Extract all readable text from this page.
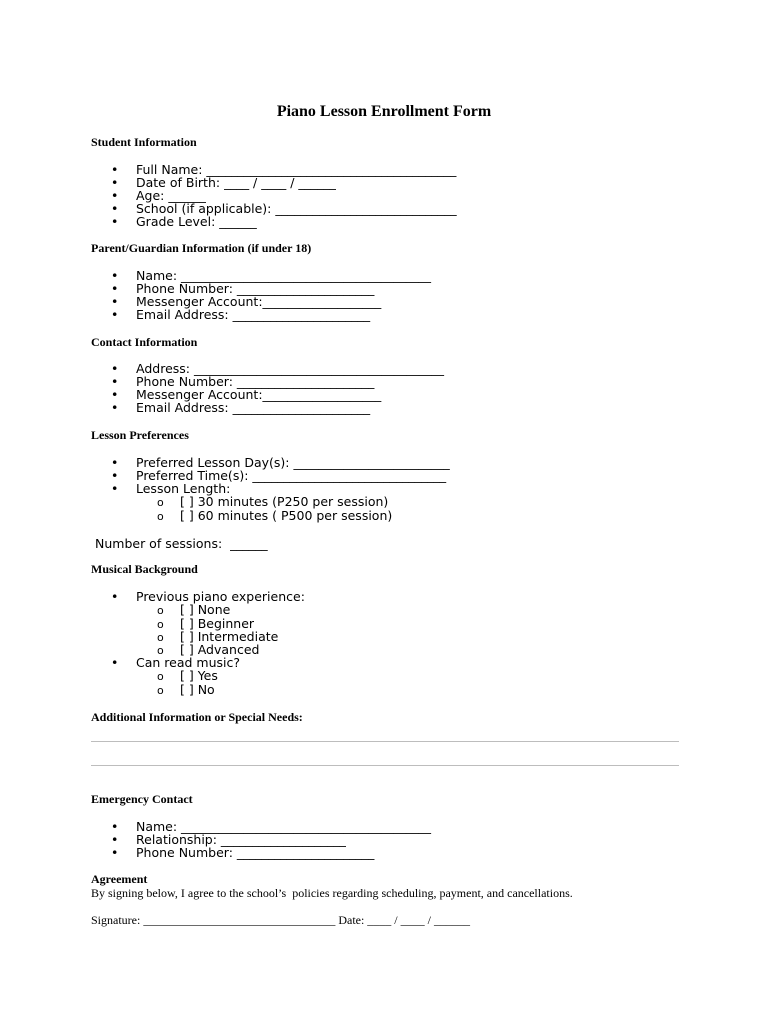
Piano Lesson Enrollment Form
Student Information
• Full Name: ________________________________________
• Date of Birth: ____ / ____ / ______
• Age: ______
• School (if applicable): _____________________________
• Grade Level: ______
Parent/Guardian Information (if under 18)
• Name: ________________________________________
• Phone Number: ______________________
• Messenger Account:___________________
• Email Address: ______________________
Contact Information
• Address: ________________________________________
• Phone Number: ______________________
• Messenger Account:___________________
• Email Address: ______________________
Lesson Preferences
• Preferred Lesson Day(s): _________________________
• Preferred Time(s): _______________________________
• Lesson Length:
o [ ] 30 minutes (P250 per session)
o [ ] 60 minutes ( P500 per session)
Number of sessions:  ______
Musical Background
• Previous piano experience:
o [ ] None
o [ ] Beginner
o [ ] Intermediate
o [ ] Advanced
• Can read music?
o [ ] Yes
o [ ] No
Additional Information or Special Needs:
Emergency Contact
• Name: ________________________________________
• Relationship: ____________________
• Phone Number: ______________________
Agreement
By signing below, I agree to the school’s  policies regarding scheduling, payment, and cancellations.
Signature: ________________________________ Date: ____ / ____ / ______
